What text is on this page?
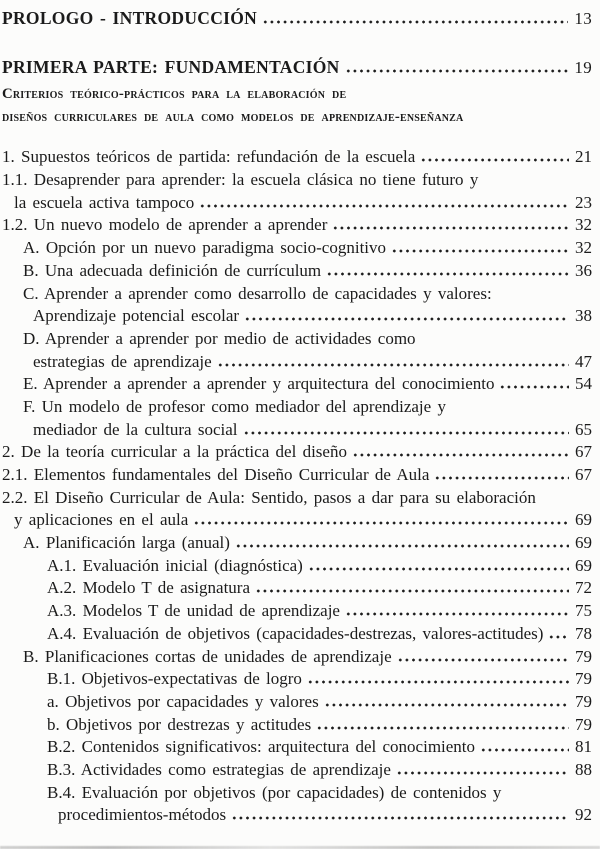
PROLOGO - INTRODUCCIÓN	13
PRIMERA PARTE: FUNDAMENTACIÓN	19
Criterios teórico-prácticos para la elaboración de
diseños curriculares de aula como modelos de aprendizaje-enseñanza
1. Supuestos teóricos de partida: refundación de la escuela	21
1.1. Desaprender para aprender: la escuela clásica no tiene futuro y
la escuela activa tampoco	23
1.2. Un nuevo modelo de aprender a aprender	32
A. Opción por un nuevo paradigma socio-cognitivo	32
B. Una adecuada definición de currículum	36
C. Aprender a aprender como desarrollo de capacidades y valores:
Aprendizaje potencial escolar	38
D. Aprender a aprender por medio de actividades como
estrategias de aprendizaje	47
E. Aprender a aprender a aprender y arquitectura del conocimiento	54
F. Un modelo de profesor como mediador del aprendizaje y
mediador de la cultura social	65
2. De la teoría curricular a la práctica del diseño	67
2.1. Elementos fundamentales del Diseño Curricular de Aula	67
2.2. El Diseño Curricular de Aula: Sentido, pasos a dar para su elaboración
y aplicaciones en el aula	69
A. Planificación larga (anual)	69
A.1. Evaluación inicial (diagnóstica)	69
A.2. Modelo T de asignatura	72
A.3. Modelos T de unidad de aprendizaje	75
A.4. Evaluación de objetivos (capacidades-destrezas, valores-actitudes) 78
B. Planificaciones cortas de unidades de aprendizaje	79
B.1. Objetivos-expectativas de logro	79
a. Objetivos por capacidades y valores	79
b. Objetivos por destrezas y actitudes	79
B.2. Contenidos significativos: arquitectura del conocimiento	81
B.3. Actividades como estrategias de aprendizaje	88
B.4. Evaluación por objetivos (por capacidades) de contenidos y
procedimientos-métodos	92
